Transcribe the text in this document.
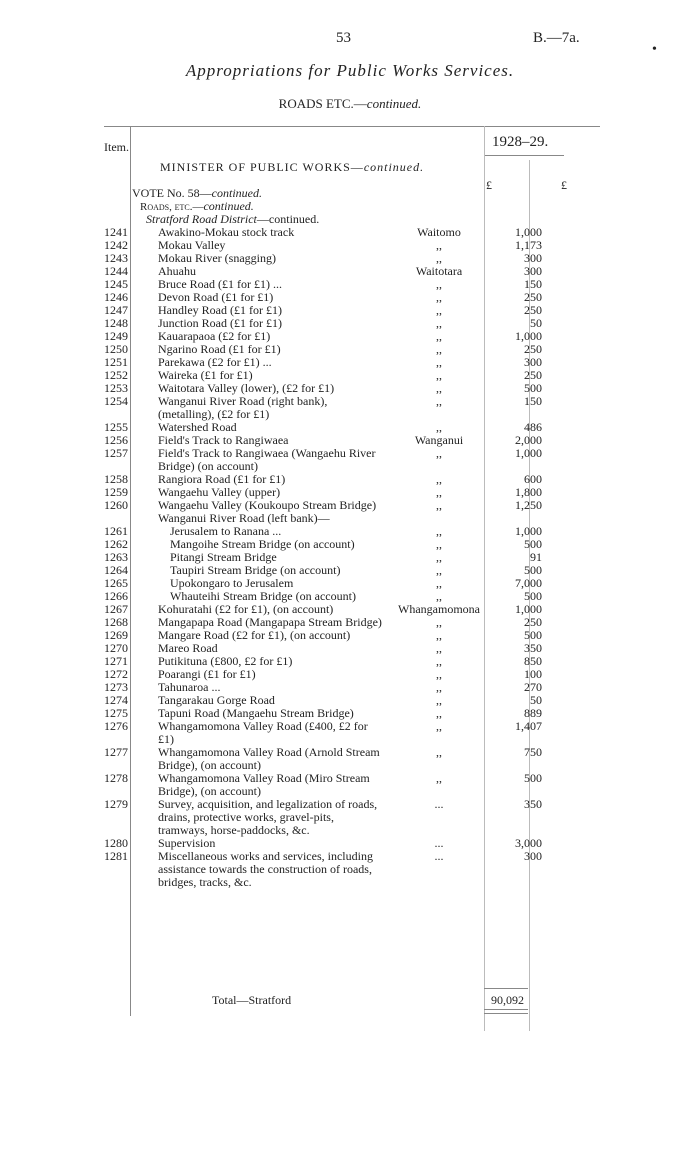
53	B.—7a.
•
Appropriations for Public Works Services.
ROADS ETC.—continued.
Item.	1928–29.
MINISTER OF PUBLIC WORKS—continued.
£	£
VOTE No. 58—continued.
Roads, etc.—continued.
Stratford Road District—continued.
1241	Awakino-Mokau stock track	Waitomo	1,000
1242	Mokau Valley	,,	1,173
1243	Mokau River (snagging)	,,	300
1244	Ahuahu	Waitotara	300
1245	Bruce Road (£1 for £1) ...	,,	150
1246	Devon Road (£1 for £1)	,,	250
1247	Handley Road (£1 for £1)	,,	250
1248	Junction Road (£1 for £1)	,,	50
1249	Kauarapaoa (£2 for £1)	,,	1,000
1250	Ngarino Road (£1 for £1)	,,	250
1251	Parekawa (£2 for £1) ...	,,	300
1252	Waireka (£1 for £1)	,,	250
1253	Waitotara Valley (lower), (£2 for £1)	,,	500
1254	Wanganui River Road (right bank), (metalling), (£2 for £1)	,,	150
1255	Watershed Road	,,	486
1256	Field's Track to Rangiwaea	Wanganui	2,000
1257	Field's Track to Rangiwaea (Wangaehu River Bridge) (on account)	,,	1,000
1258	Rangiora Road (£1 for £1)	,,	600
1259	Wangaehu Valley (upper)	,,	1,800
1260	Wangaehu Valley (Koukoupo Stream Bridge)	,,	1,250
	Wanganui River Road (left bank)—		
1261	Jerusalem to Ranana ...	,,	1,000
1262	Mangoihe Stream Bridge (on account)	,,	500
1263	Pitangi Stream Bridge	,,	91
1264	Taupiri Stream Bridge (on account)	,,	500
1265	Upokongaro to Jerusalem	,,	7,000
1266	Whauteihi Stream Bridge (on account)	,,	500
1267	Kohuratahi (£2 for £1), (on account)	Whangamomona	1,000
1268	Mangapapa Road (Mangapapa Stream Bridge)	,,	250
1269	Mangare Road (£2 for £1), (on account)	,,	500
1270	Mareo Road	,,	350
1271	Putikituna (£800, £2 for £1)	,,	850
1272	Poarangi (£1 for £1)	,,	100
1273	Tahunaroa ...	,,	270
1274	Tangarakau Gorge Road	,,	50
1275	Tapuni Road (Mangaehu Stream Bridge)	,,	889
1276	Whangamomona Valley Road (£400, £2 for £1)	,,	1,407
1277	Whangamomona Valley Road (Arnold Stream Bridge), (on account)	,,	750
1278	Whangamomona Valley Road (Miro Stream Bridge), (on account)	,,	500
1279	Survey, acquisition, and legalization of roads, drains, protective works, gravel-pits, tramways, horse-paddocks, &c.	...	350
1280	Supervision	...	3,000
1281	Miscellaneous works and services, including assistance towards the construction of roads, bridges, tracks, &c.	...	300
Total—Stratford	90,092
